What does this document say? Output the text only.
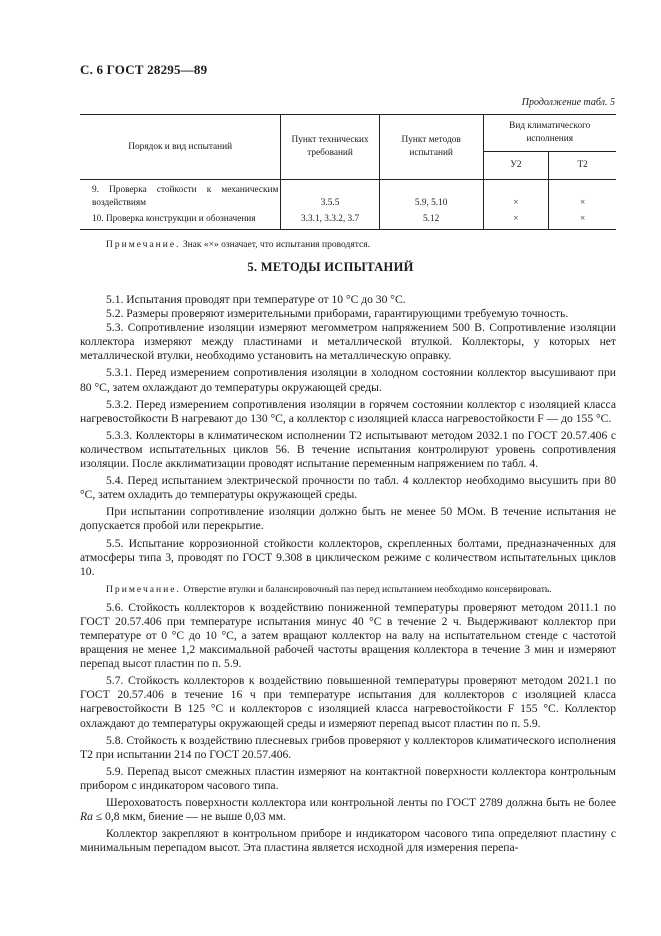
С. 6 ГОСТ 28295—89
Продолжение табл. 5
Порядок и вид испытаний	Пункт технических требований	Пункт методов испытаний	Вид климатического исполнения	
			У2	Т2
9. Проверка стойкости к механическим воздействиям	3.5.5	5.9, 5.10	×	×
10. Проверка конструкции и обозначения	3.3.1, 3.3.2, 3.7	5.12	×	×
Примечание. Знак «×» означает, что испытания проводятся.
5. МЕТОДЫ ИСПЫТАНИЙ

5.1. Испытания проводят при температуре от 10 °С до 30 °С.

5.2. Размеры проверяют измерительными приборами, гарантирующими требуемую точность.

5.3. Сопротивление изоляции измеряют мегомметром напряжением 500 В. Сопротивление изоляции коллектора измеряют между пластинами и металлической втулкой. Коллекторы, у которых нет металлической втулки, необходимо установить на металлическую оправку.

5.3.1. Перед измерением сопротивления изоляции в холодном состоянии коллектор высушивают при 80 °С, затем охлаждают до температуры окружающей среды.

5.3.2. Перед измерением сопротивления изоляции в горячем состоянии коллектор с изоляцией класса нагревостойкости В нагревают до 130 °С, а коллектор с изоляцией класса нагревостойкости F — до 155 °С.

5.3.3. Коллекторы в климатическом исполнении Т2 испытывают методом 2032.1 по ГОСТ 20.57.406 с количеством испытательных циклов 56. В течение испытания контролируют уровень сопротивления изоляции. После акклиматизации проводят испытание переменным напряжением по табл. 4.

5.4. Перед испытанием электрической прочности по табл. 4 коллектор необходимо высушить при 80 °С, затем охладить до температуры окружающей среды.

При испытании сопротивление изоляции должно быть не менее 50 МОм. В течение испытания не допускается пробой или перекрытие.

5.5. Испытание коррозионной стойкости коллекторов, скрепленных болтами, предназначенных для атмосферы типа 3, проводят по ГОСТ 9.308 в циклическом режиме с количеством испытательных циклов 10.

Примечание. Отверстие втулки и балансировочный паз перед испытанием необходимо консервировать.

5.6. Стойкость коллекторов к воздействию пониженной температуры проверяют методом 2011.1 по ГОСТ 20.57.406 при температуре испытания минус 40 °С в течение 2 ч. Выдерживают коллектор при температуре от 0 °С до 10 °С, а затем вращают коллектор на валу на испытательном стенде с частотой вращения не менее 1,2 максимальной рабочей частоты вращения коллектора в течение 3 мин и измеряют перепад высот пластин по п. 5.9.

5.7. Стойкость коллекторов к воздействию повышенной температуры проверяют методом 2021.1 по ГОСТ 20.57.406 в течение 16 ч при температуре испытания для коллекторов с изоляцией класса нагревостойкости В 125 °С и коллекторов с изоляцией класса нагревостойкости F 155 °С. Коллектор охлаждают до температуры окружающей среды и измеряют перепад высот пластин по п. 5.9.

5.8. Стойкость к воздействию плесневых грибов проверяют у коллекторов климатического исполнения Т2 при испытании 214 по ГОСТ 20.57.406.

5.9. Перепад высот смежных пластин измеряют на контактной поверхности коллектора контрольным прибором с индикатором часового типа.

Шероховатость поверхности коллектора или контрольной ленты по ГОСТ 2789 должна быть не более Ra ≤ 0,8 мкм, биение — не выше 0,03 мм.

Коллектор закрепляют в контрольном приборе и индикатором часового типа определяют пластину с минимальным перепадом высот. Эта пластина является исходной для измерения перепа-
